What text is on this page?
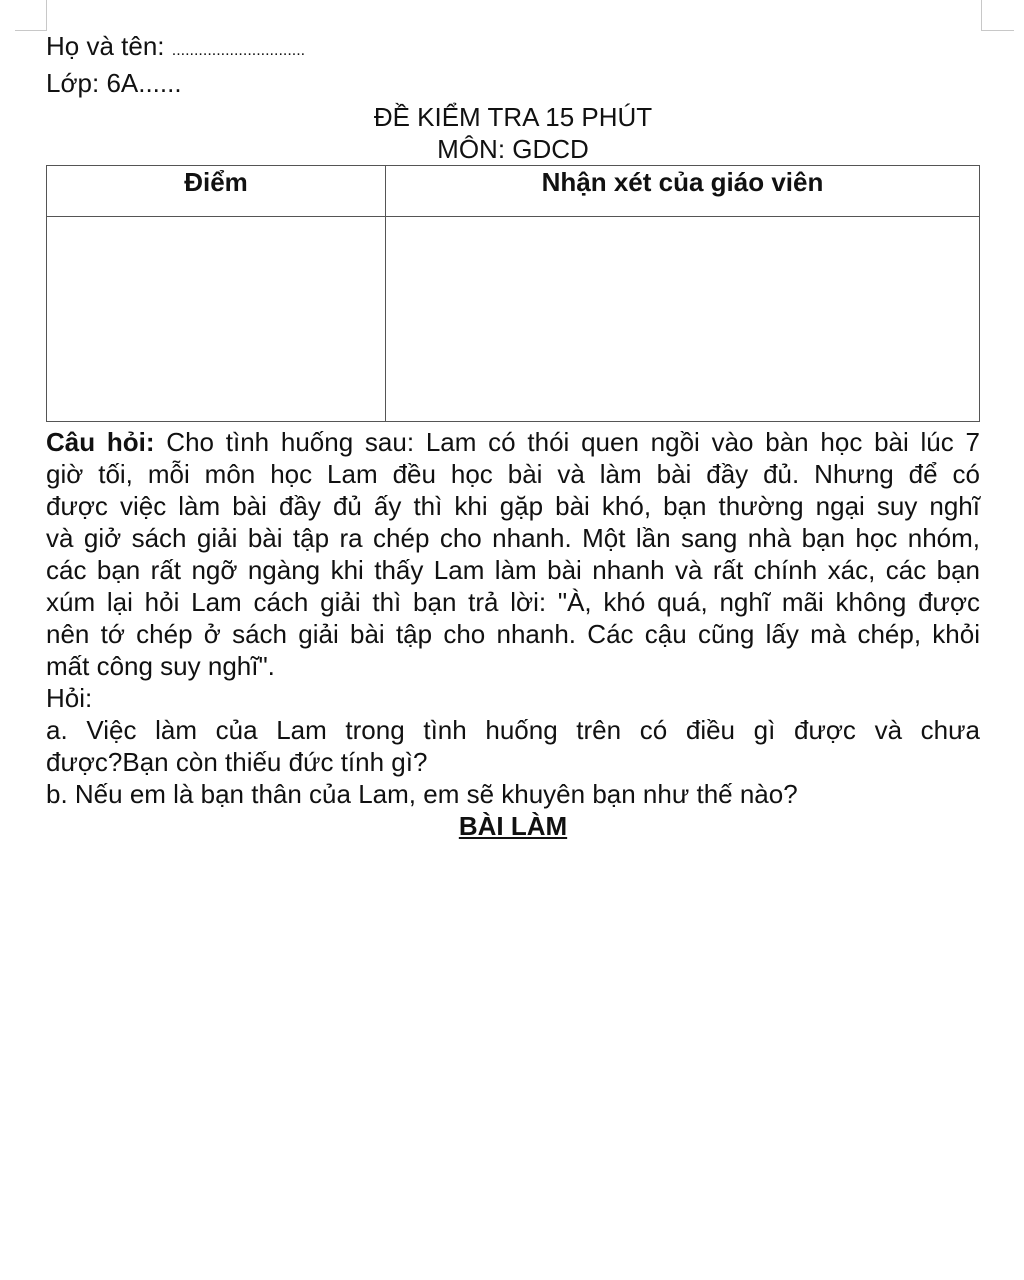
Họ và tên: ..............................
Lớp: 6A......
ĐỀ KIỂM TRA 15 PHÚT
MÔN: GDCD
Điểm	Nhận xét của giáo viên

Câu hỏi: Cho tình huống sau: Lam có thói quen ngồi vào bàn học bài lúc 7
giờ tối, mỗi môn học Lam đều học bài và làm bài đầy đủ. Nhưng để có
được việc làm bài đầy đủ ấy thì khi gặp bài khó, bạn thường ngại suy nghĩ
và giở sách giải bài tập ra chép cho nhanh. Một lần sang nhà bạn học nhóm,
các bạn rất ngỡ ngàng khi thấy Lam làm bài nhanh và rất chính xác, các bạn
xúm lại hỏi Lam cách giải thì bạn trả lời: "À, khó quá, nghĩ mãi không được
nên tớ chép ở sách giải bài tập cho nhanh. Các cậu cũng lấy mà chép, khỏi

mất công suy nghĩ".

Hỏi:

a. Việc làm của Lam trong tình huống trên có điều gì được và chưa

được?Bạn còn thiếu đức tính gì?

b. Nếu em là bạn thân của Lam, em sẽ khuyên bạn như thế nào?

BÀI LÀM
